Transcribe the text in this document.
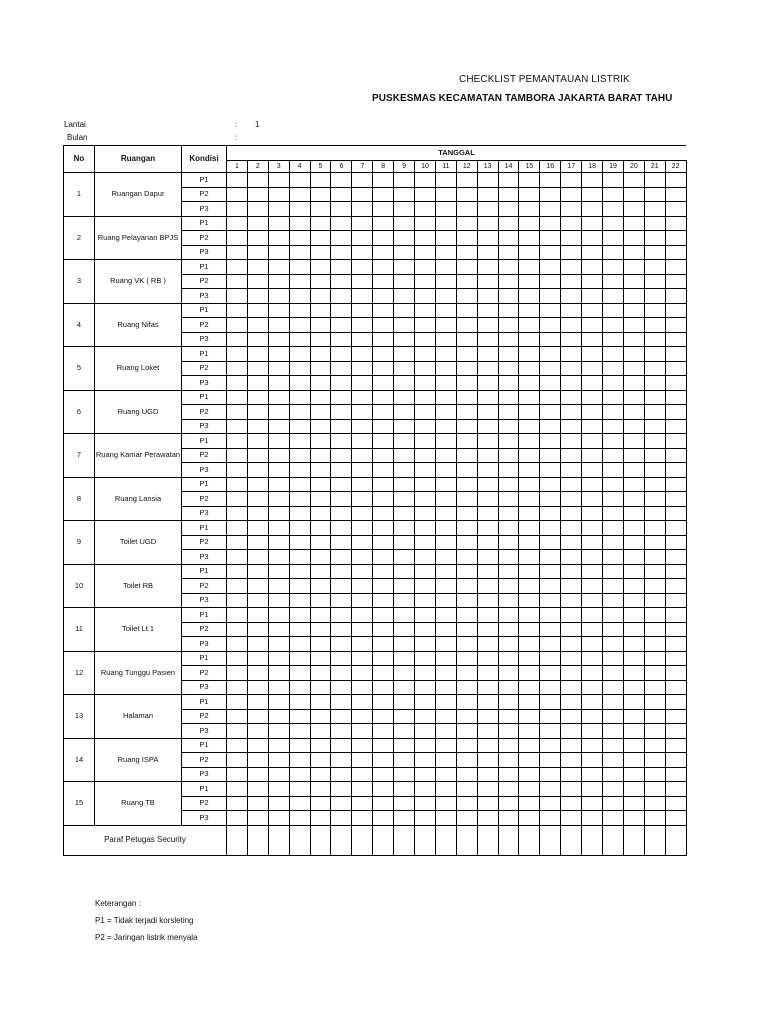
CHECKLIST PEMANTAUAN LISTRIK
PUSKESMAS KECAMATAN TAMBORA JAKARTA BARAT TAHU
Lantai	: 1
Bulan	:
No	Ruangan	Kondisi	TANGGAL																					
			1	2	3	4	5	6	7	8	9	10	11	12	13	14	15	16	17	18	19	20	21	22
1	Ruangan Dapur	P1																						
		P2																						
		P3																						
2	Ruang Pelayanan BPJS	P1																						
		P2																						
		P3																						
3	Ruang VK ( RB )	P1																						
		P2																						
		P3																						
4	Ruang Nifas	P1																						
		P2																						
		P3																						
5	Ruang Loket	P1																						
		P2																						
		P3																						
6	Ruang UGD	P1																						
		P2																						
		P3																						
7	Ruang Kamar Perawatan	P1																						
		P2																						
		P3																						
8	Ruang Lansia	P1																						
		P2																						
		P3																						
9	Toilet UGD	P1																						
		P2																						
		P3																						
10	Toilet RB	P1																						
		P2																						
		P3																						
11	Toilet Lt.1	P1																						
		P2																						
		P3																						
12	Ruang Tunggu Pasien	P1																						
		P2																						
		P3																						
13	Halaman	P1																						
		P2																						
		P3																						
14	Ruang ISPA	P1																						
		P2																						
		P3																						
15	Ruang TB	P1																						
		P2																						
		P3																						
Paraf Petugas Security																								
Keterangan :
P1 = Tidak terjadi korsleting
P2 = Jaringan listrik menyala
